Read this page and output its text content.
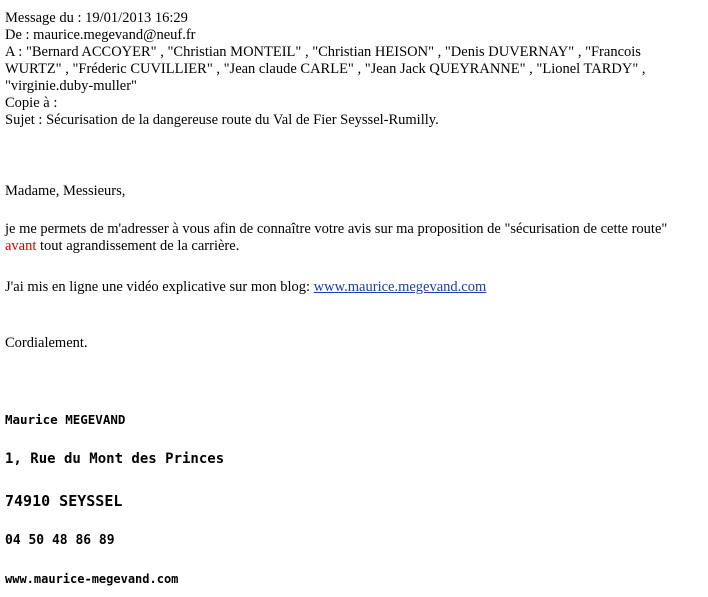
Message du : 19/01/2013 16:29
De : maurice.megevand@neuf.fr
A : "Bernard ACCOYER" , "Christian MONTEIL" , "Christian HEISON" , "Denis DUVERNAY" , "Francois WURTZ" , "Fréderic CUVILLIER" , "Jean claude CARLE" , "Jean Jack QUEYRANNE" , "Lionel TARDY" , "virginie.duby-muller"
Copie à :
Sujet : Sécurisation de la dangereuse route du Val de Fier Seyssel-Rumilly.
Madame, Messieurs,
je me permets de m'adresser à vous afin de connaître votre avis sur ma proposition de "sécurisation de cette route" avant tout agrandissement de la carrière.
J'ai mis en ligne une vidéo explicative sur mon blog: www.maurice.megevand.com
Cordialement.
Maurice MEGEVAND
1, Rue du Mont des Princes
74910 SEYSSEL
04 50 48 86 89
www.maurice-megevand.com
